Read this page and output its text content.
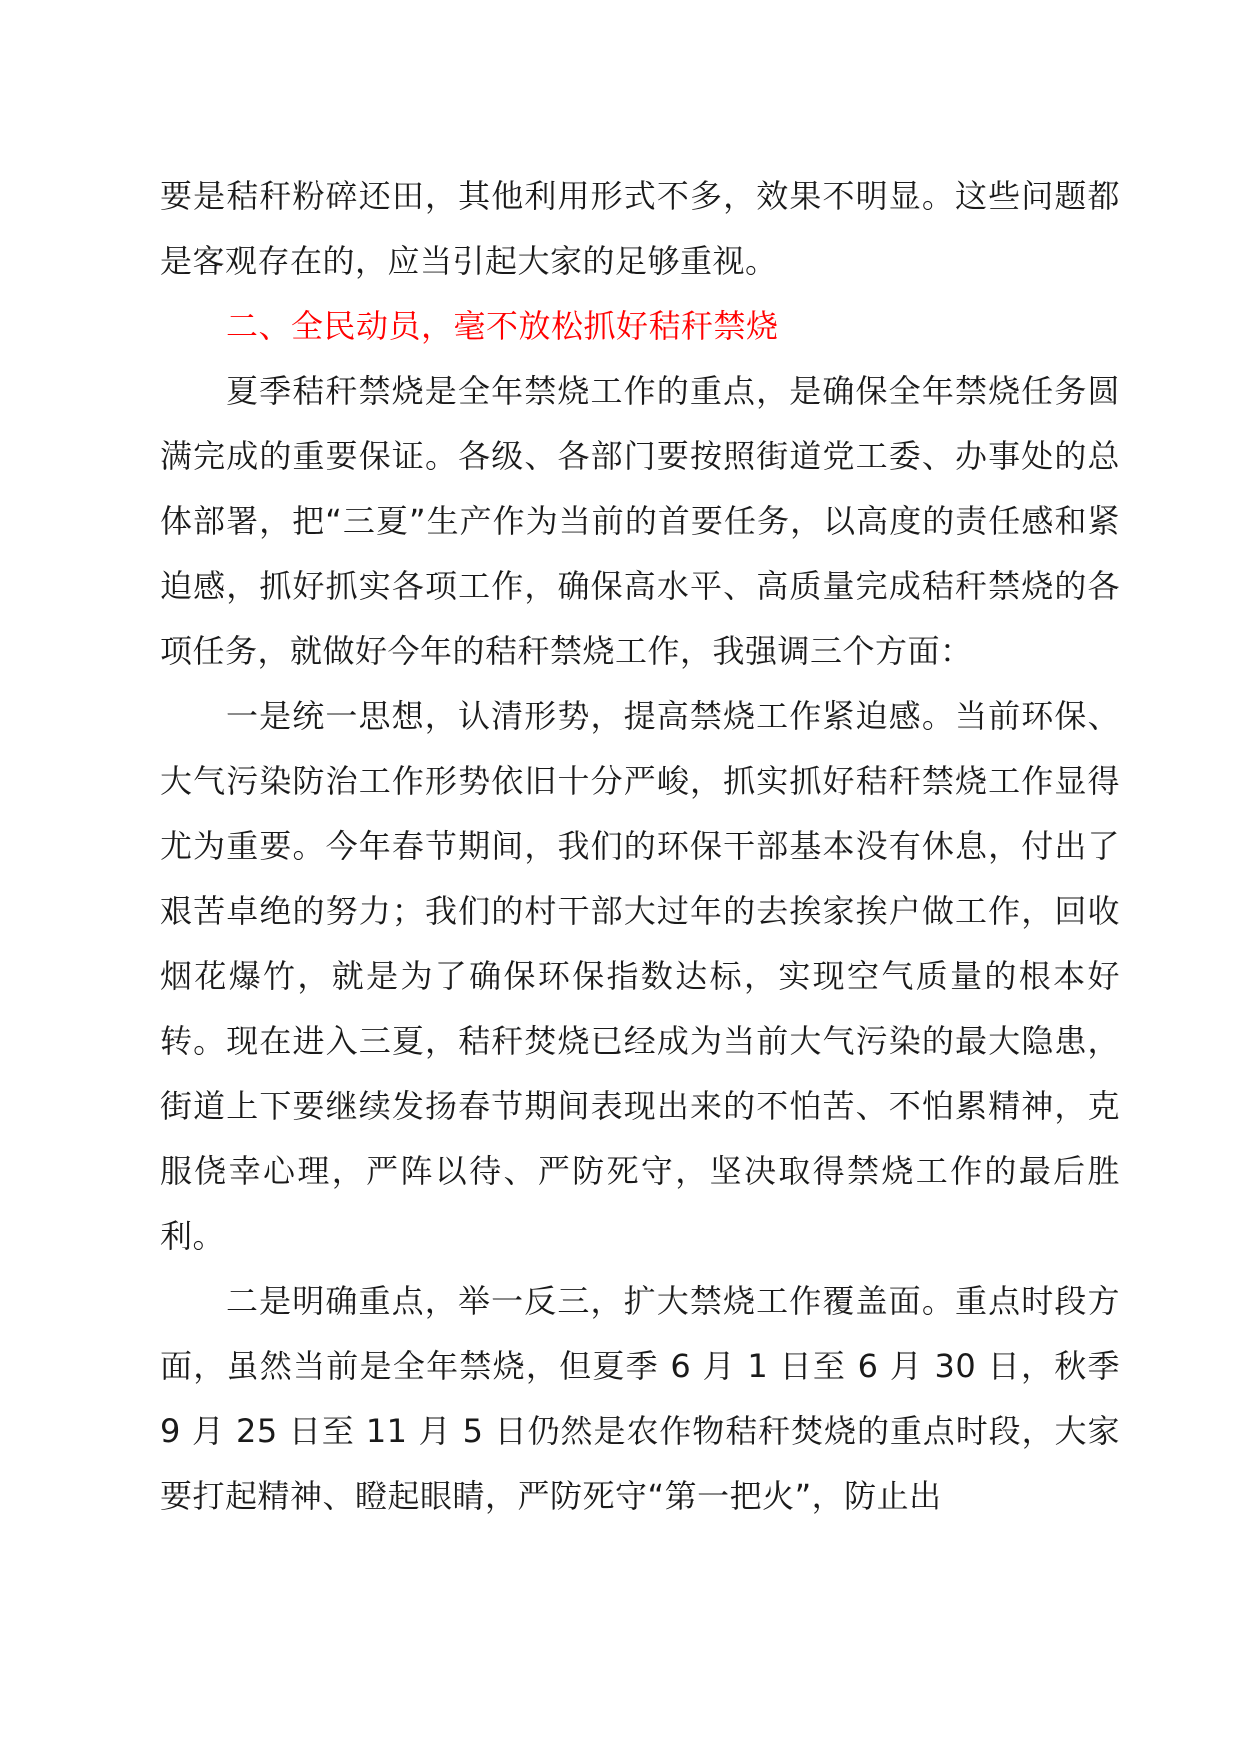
要是秸秆粉碎还田，其他利用形式不多，效果不明显。这些问题都是客观存在的，应当引起大家的足够重视。

二、全民动员，毫不放松抓好秸秆禁烧

夏季秸秆禁烧是全年禁烧工作的重点，是确保全年禁烧任务圆满完成的重要保证。各级、各部门要按照街道党工委、办事处的总体部署，把“三夏”生产作为当前的首要任务，以高度的责任感和紧迫感，抓好抓实各项工作，确保高水平、高质量完成秸秆禁烧的各项任务，就做好今年的秸秆禁烧工作，我强调三个方面：

一是统一思想，认清形势，提高禁烧工作紧迫感。当前环保、大气污染防治工作形势依旧十分严峻，抓实抓好秸秆禁烧工作显得尤为重要。今年春节期间，我们的环保干部基本没有休息，付出了艰苦卓绝的努力；我们的村干部大过年的去挨家挨户做工作，回收烟花爆竹，就是为了确保环保指数达标，实现空气质量的根本好转。现在进入三夏，秸秆焚烧已经成为当前大气污染的最大隐患，街道上下要继续发扬春节期间表现出来的不怕苦、不怕累精神，克服侥幸心理，严阵以待、严防死守，坚决取得禁烧工作的最后胜利。

二是明确重点，举一反三，扩大禁烧工作覆盖面。重点时段方面，虽然当前是全年禁烧，但夏季 6 月 1 日至 6 月 30 日，秋季 9 月 25 日至 11 月 5 日仍然是农作物秸秆焚烧的重点时段，大家要打起精神、瞪起眼睛，严防死守“第一把火”，防止出
